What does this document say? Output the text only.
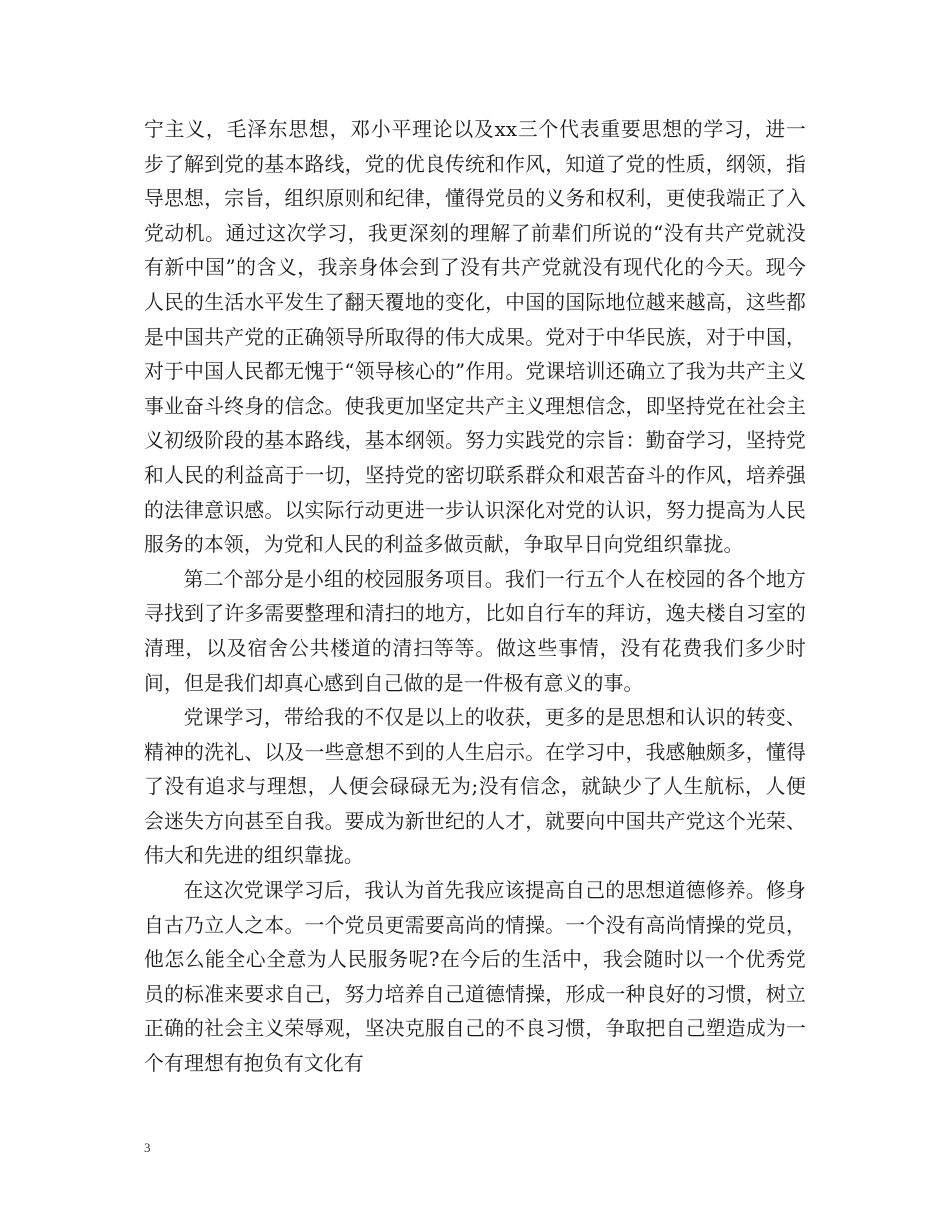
宁主义，毛泽东思想，邓小平理论以及xx三个代表重要思想的学习，进一步了解到党的基本路线，党的优良传统和作风，知道了党的性质，纲领，指导思想，宗旨，组织原则和纪律，懂得党员的义务和权利，更使我端正了入党动机。通过这次学习，我更深刻的理解了前辈们所说的“没有共产党就没有新中国”的含义，我亲身体会到了没有共产党就没有现代化的今天。现今人民的生活水平发生了翻天覆地的变化，中国的国际地位越来越高，这些都是中国共产党的正确领导所取得的伟大成果。党对于中华民族，对于中国，对于中国人民都无愧于“领导核心的”作用。党课培训还确立了我为共产主义事业奋斗终身的信念。使我更加坚定共产主义理想信念，即坚持党在社会主义初级阶段的基本路线，基本纲领。努力实践党的宗旨：勤奋学习，坚持党和人民的利益高于一切，坚持党的密切联系群众和艰苦奋斗的作风，培养强的法律意识感。以实际行动更进一步认识深化对党的认识，努力提高为人民服务的本领，为党和人民的利益多做贡献，争取早日向党组织靠拢。

第二个部分是小组的校园服务项目。我们一行五个人在校园的各个地方寻找到了许多需要整理和清扫的地方，比如自行车的拜访，逸夫楼自习室的清理，以及宿舍公共楼道的清扫等等。做这些事情，没有花费我们多少时间，但是我们却真心感到自己做的是一件极有意义的事。

党课学习，带给我的不仅是以上的收获，更多的是思想和认识的转变、精神的洗礼、以及一些意想不到的人生启示。在学习中，我感触颇多，懂得了没有追求与理想，人便会碌碌无为;没有信念，就缺少了人生航标，人便会迷失方向甚至自我。要成为新世纪的人才，就要向中国共产党这个光荣、伟大和先进的组织靠拢。

在这次党课学习后，我认为首先我应该提高自己的思想道德修养。修身自古乃立人之本。一个党员更需要高尚的情操。一个没有高尚情操的党员，他怎么能全心全意为人民服务呢?在今后的生活中，我会随时以一个优秀党员的标准来要求自己，努力培养自己道德情操，形成一种良好的习惯，树立正确的社会主义荣辱观，坚决克服自己的不良习惯，争取把自己塑造成为一个有理想有抱负有文化有

3
